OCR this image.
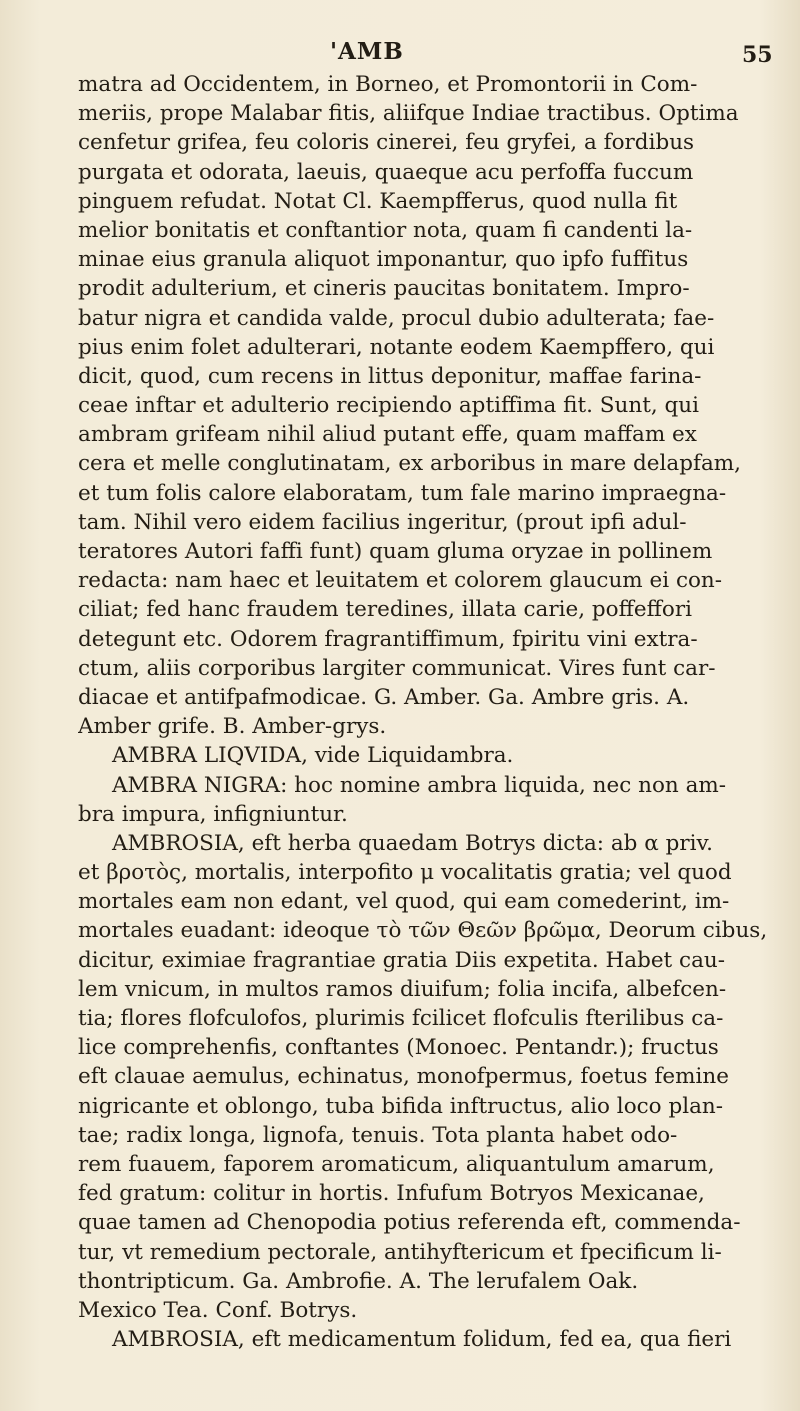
'AMB	55
matra ad Occidentem, in Borneo, et Promontorii in Com-
meriis, prope Malabar fitis, aliifque Indiae tractibus. Optima
cenfetur grifea, feu coloris cinerei, feu gryfei, a fordibus
purgata et odorata, laeuis, quaeque acu perfoffa fuccum
pinguem refudat. Notat Cl. Kaempfferus, quod nulla fit
melior bonitatis et conftantior nota, quam fi candenti la-
minae eius granula aliquot imponantur, quo ipfo fuffitus
prodit adulterium, et cineris paucitas bonitatem. Impro-
batur nigra et candida valde, procul dubio adulterata; fae-
pius enim folet adulterari, notante eodem Kaempffero, qui
dicit, quod, cum recens in littus deponitur, maffae farina-
ceae inftar et adulterio recipiendo aptiffima fit. Sunt, qui
ambram grifeam nihil aliud putant effe, quam maffam ex
cera et melle conglutinatam, ex arboribus in mare delapfam,
et tum folis calore elaboratam, tum fale marino impraegna-
tam. Nihil vero eidem facilius ingeritur, (prout ipfi adul-
teratores Autori faffi funt) quam gluma oryzae in pollinem
redacta: nam haec et leuitatem et colorem glaucum ei con-
ciliat; fed hanc fraudem teredines, illata carie, poffeffori
detegunt etc. Odorem fragrantiffimum, fpiritu vini extra-
ctum, aliis corporibus largiter communicat. Vires funt car-
diacae et antifpafmodicae. G. Amber. Ga. Ambre gris. A.
Amber grife. B. Amber-grys.
AMBRA LIQVIDA, vide Liquidambra.
AMBRA NIGRA: hoc nomine ambra liquida, nec non am-
bra impura, infigniuntur.
AMBROSIA, eft herba quaedam Botrys dicta: ab α priv.
et βροτὸς, mortalis, interpofito μ vocalitatis gratia; vel quod
mortales eam non edant, vel quod, qui eam comederint, im-
mortales euadant: ideoque τὸ τῶν Θεῶν βρῶμα, Deorum cibus,
dicitur, eximiae fragrantiae gratia Diis expetita. Habet cau-
lem vnicum, in multos ramos diuifum; folia incifa, albefcen-
tia; flores flofculofos, plurimis fcilicet flofculis fterilibus ca-
lice comprehenfis, conftantes (Monoec. Pentandr.); fructus
eft clauae aemulus, echinatus, monofpermus, foetus femine
nigricante et oblongo, tuba bifida inftructus, alio loco plan-
tae; radix longa, lignofa, tenuis. Tota planta habet odo-
rem fuauem, faporem aromaticum, aliquantulum amarum,
fed gratum: colitur in hortis. Infufum Botryos Mexicanae,
quae tamen ad Chenopodia potius referenda eft, commenda-
tur, vt remedium pectorale, antihyftericum et fpecificum li-
thontripticum. Ga. Ambrofie. A. The lerufalem Oak.
Mexico Tea. Conf. Botrys.
AMBROSIA, eft medicamentum folidum, fed ea, qua fieri
